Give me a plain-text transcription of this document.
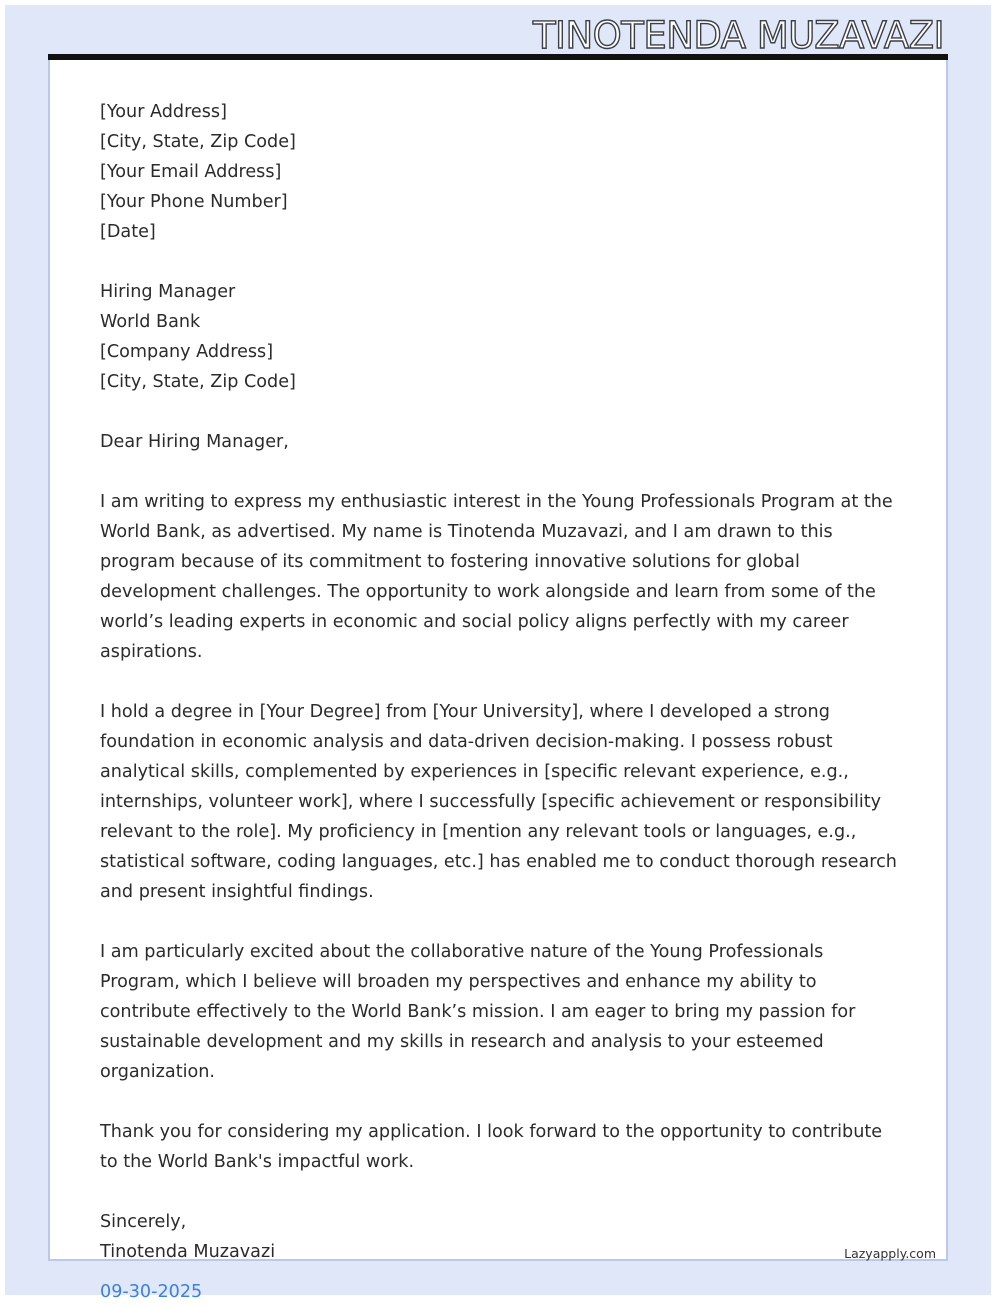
TINOTENDA MUZAVAZI
[Your Address]
[City, State, Zip Code]
[Your Email Address]
[Your Phone Number]
[Date]
Hiring Manager
World Bank
[Company Address]
[City, State, Zip Code]
Dear Hiring Manager,

I am writing to express my enthusiastic interest in the Young Professionals Program at the World Bank, as advertised. My name is Tinotenda Muzavazi, and I am drawn to this program because of its commitment to fostering innovative solutions for global development challenges. The opportunity to work alongside and learn from some of the world’s leading experts in economic and social policy aligns perfectly with my career aspirations.

I hold a degree in [Your Degree] from [Your University], where I developed a strong foundation in economic analysis and data-driven decision-making. I possess robust analytical skills, complemented by experiences in [specific relevant experience, e.g., internships, volunteer work], where I successfully [specific achievement or responsibility relevant to the role]. My proficiency in [mention any relevant tools or languages, e.g., statistical software, coding languages, etc.] has enabled me to conduct thorough research and present insightful findings.

I am particularly excited about the collaborative nature of the Young Professionals Program, which I believe will broaden my perspectives and enhance my ability to contribute effectively to the World Bank’s mission. I am eager to bring my passion for sustainable development and my skills in research and analysis to your esteemed organization.

Thank you for considering my application. I look forward to the opportunity to contribute to the World Bank's impactful work.

Sincerely,
Tinotenda Muzavazi	Lazyapply.com
09-30-2025
